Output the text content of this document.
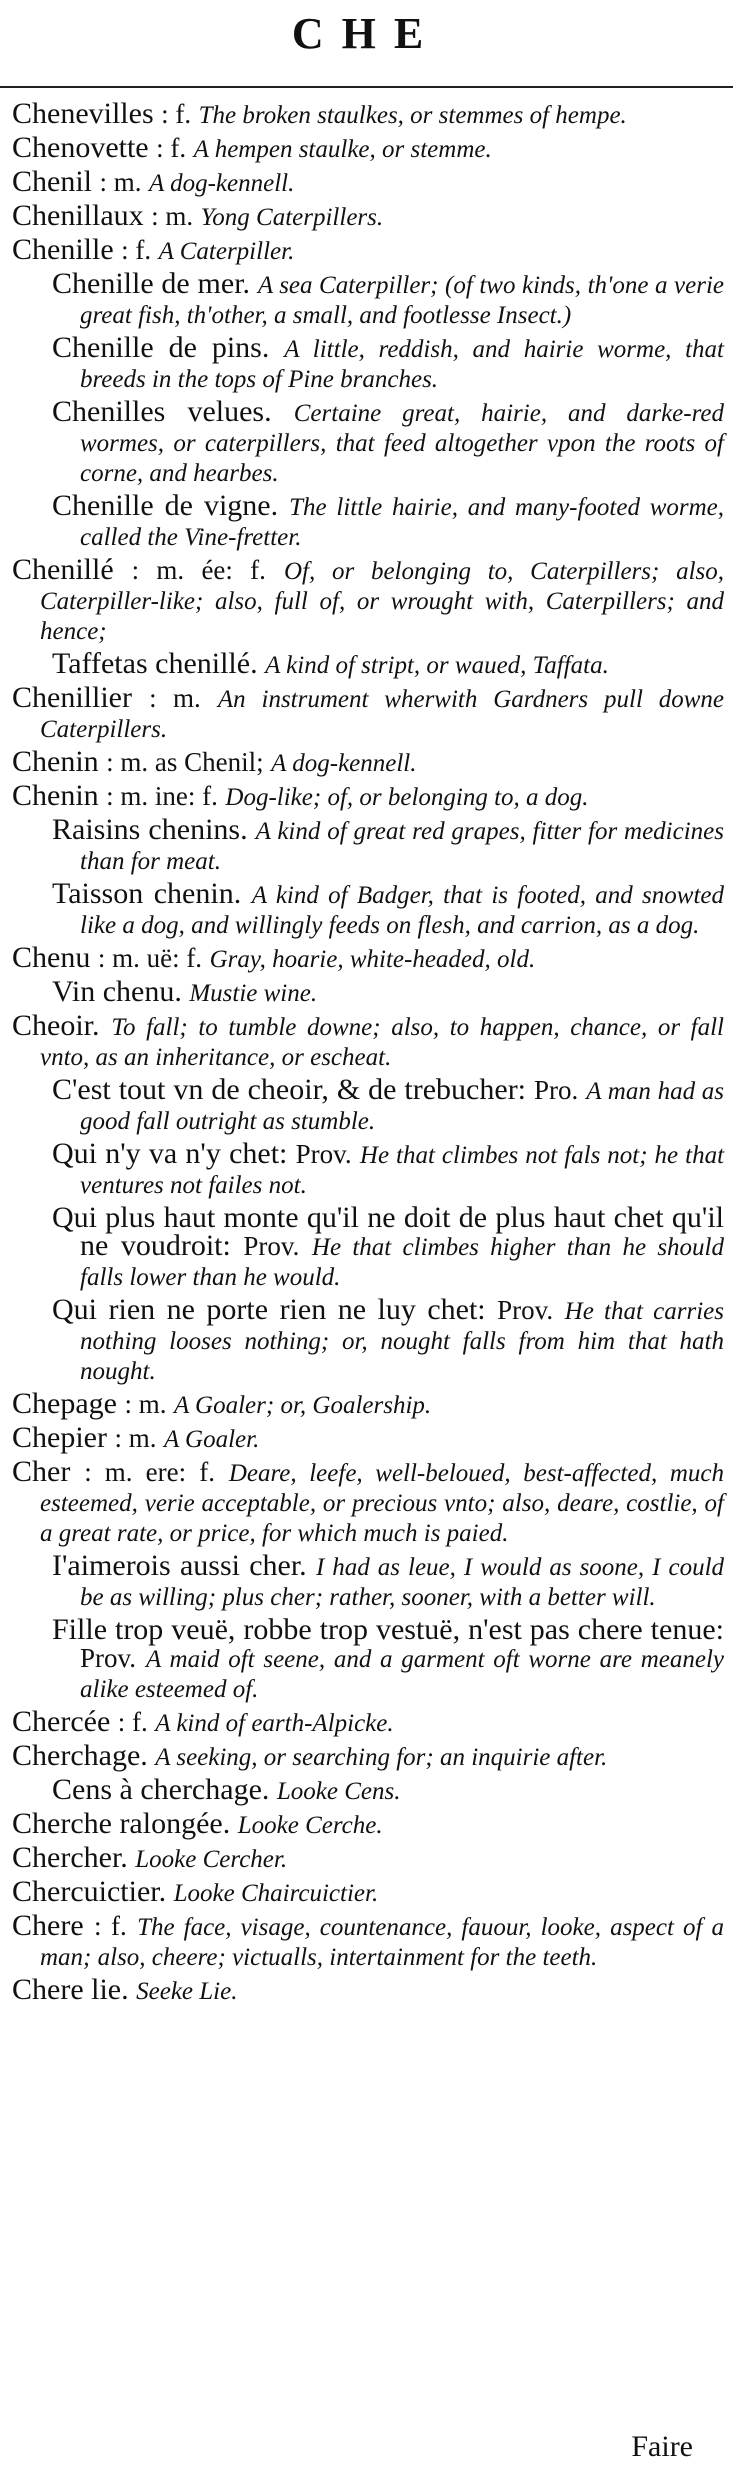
CHE
Chenevilles : f. The broken staulkes, or stemmes of hempe.
Chenovette : f. A hempen staulke, or stemme.
Chenil : m. A dog-kennell.
Chenillaux : m. Yong Caterpillers.
Chenille : f. A Caterpiller.
Chenille de mer. A sea Caterpiller; (of two kinds, th'one a verie great fish, th'other, a small, and footlesse Insect.)
Chenille de pins. A little, reddish, and hairie worme, that breeds in the tops of Pine branches.
Chenilles velues. Certaine great, hairie, and darke-red wormes, or caterpillers, that feed altogether vpon the roots of corne, and hearbes.
Chenille de vigne. The little hairie, and many-footed worme, called the Vine-fretter.
Chenillé : m. ée: f. Of, or belonging to, Caterpillers; also, Caterpiller-like; also, full of, or wrought with, Caterpillers; and hence;
Taffetas chenillé. A kind of stript, or waued, Taffata.
Chenillier : m. An instrument wherwith Gardners pull downe Caterpillers.
Chenin : m. as Chenil; A dog-kennell.
Chenin : m. ine: f. Dog-like; of, or belonging to, a dog.
Raisins chenins. A kind of great red grapes, fitter for medicines than for meat.
Taisson chenin. A kind of Badger, that is footed, and snowted like a dog, and willingly feeds on flesh, and carrion, as a dog.
Chenu : m. uë: f. Gray, hoarie, white-headed, old.
Vin chenu. Mustie wine.
Cheoir. To fall; to tumble downe; also, to happen, chance, or fall vnto, as an inheritance, or escheat.
C'est tout vn de cheoir, & de trebucher: Pro. A man had as good fall outright as stumble.
Qui n'y va n'y chet: Prov. He that climbes not fals not; he that ventures not failes not.
Qui plus haut monte qu'il ne doit de plus haut chet qu'il ne voudroit: Prov. He that climbes higher than he should falls lower than he would.
Qui rien ne porte rien ne luy chet: Prov. He that carries nothing looses nothing; or, nought falls from him that hath nought.
Chepage : m. A Goaler; or, Goalership.
Chepier : m. A Goaler.
Cher : m. ere: f. Deare, leefe, well-beloued, best-affected, much esteemed, verie acceptable, or precious vnto; also, deare, costlie, of a great rate, or price, for which much is paied.
I'aimerois aussi cher. I had as leue, I would as soone, I could be as willing; plus cher; rather, sooner, with a better will.
Fille trop veuë, robbe trop vestuë, n'est pas chere tenue: Prov. A maid oft seene, and a garment oft worne are meanely alike esteemed of.
Chercée : f. A kind of earth-Alpicke.
Cherchage. A seeking, or searching for; an inquirie after.
Cens à cherchage. Looke Cens.
Cherche ralongée. Looke Cerche.
Chercher. Looke Cercher.
Chercuictier. Looke Chaircuictier.
Chere : f. The face, visage, countenance, fauour, looke, aspect of a man; also, cheere; victualls, intertainment for the teeth.
Chere lie. Seeke Lie.
Faire
